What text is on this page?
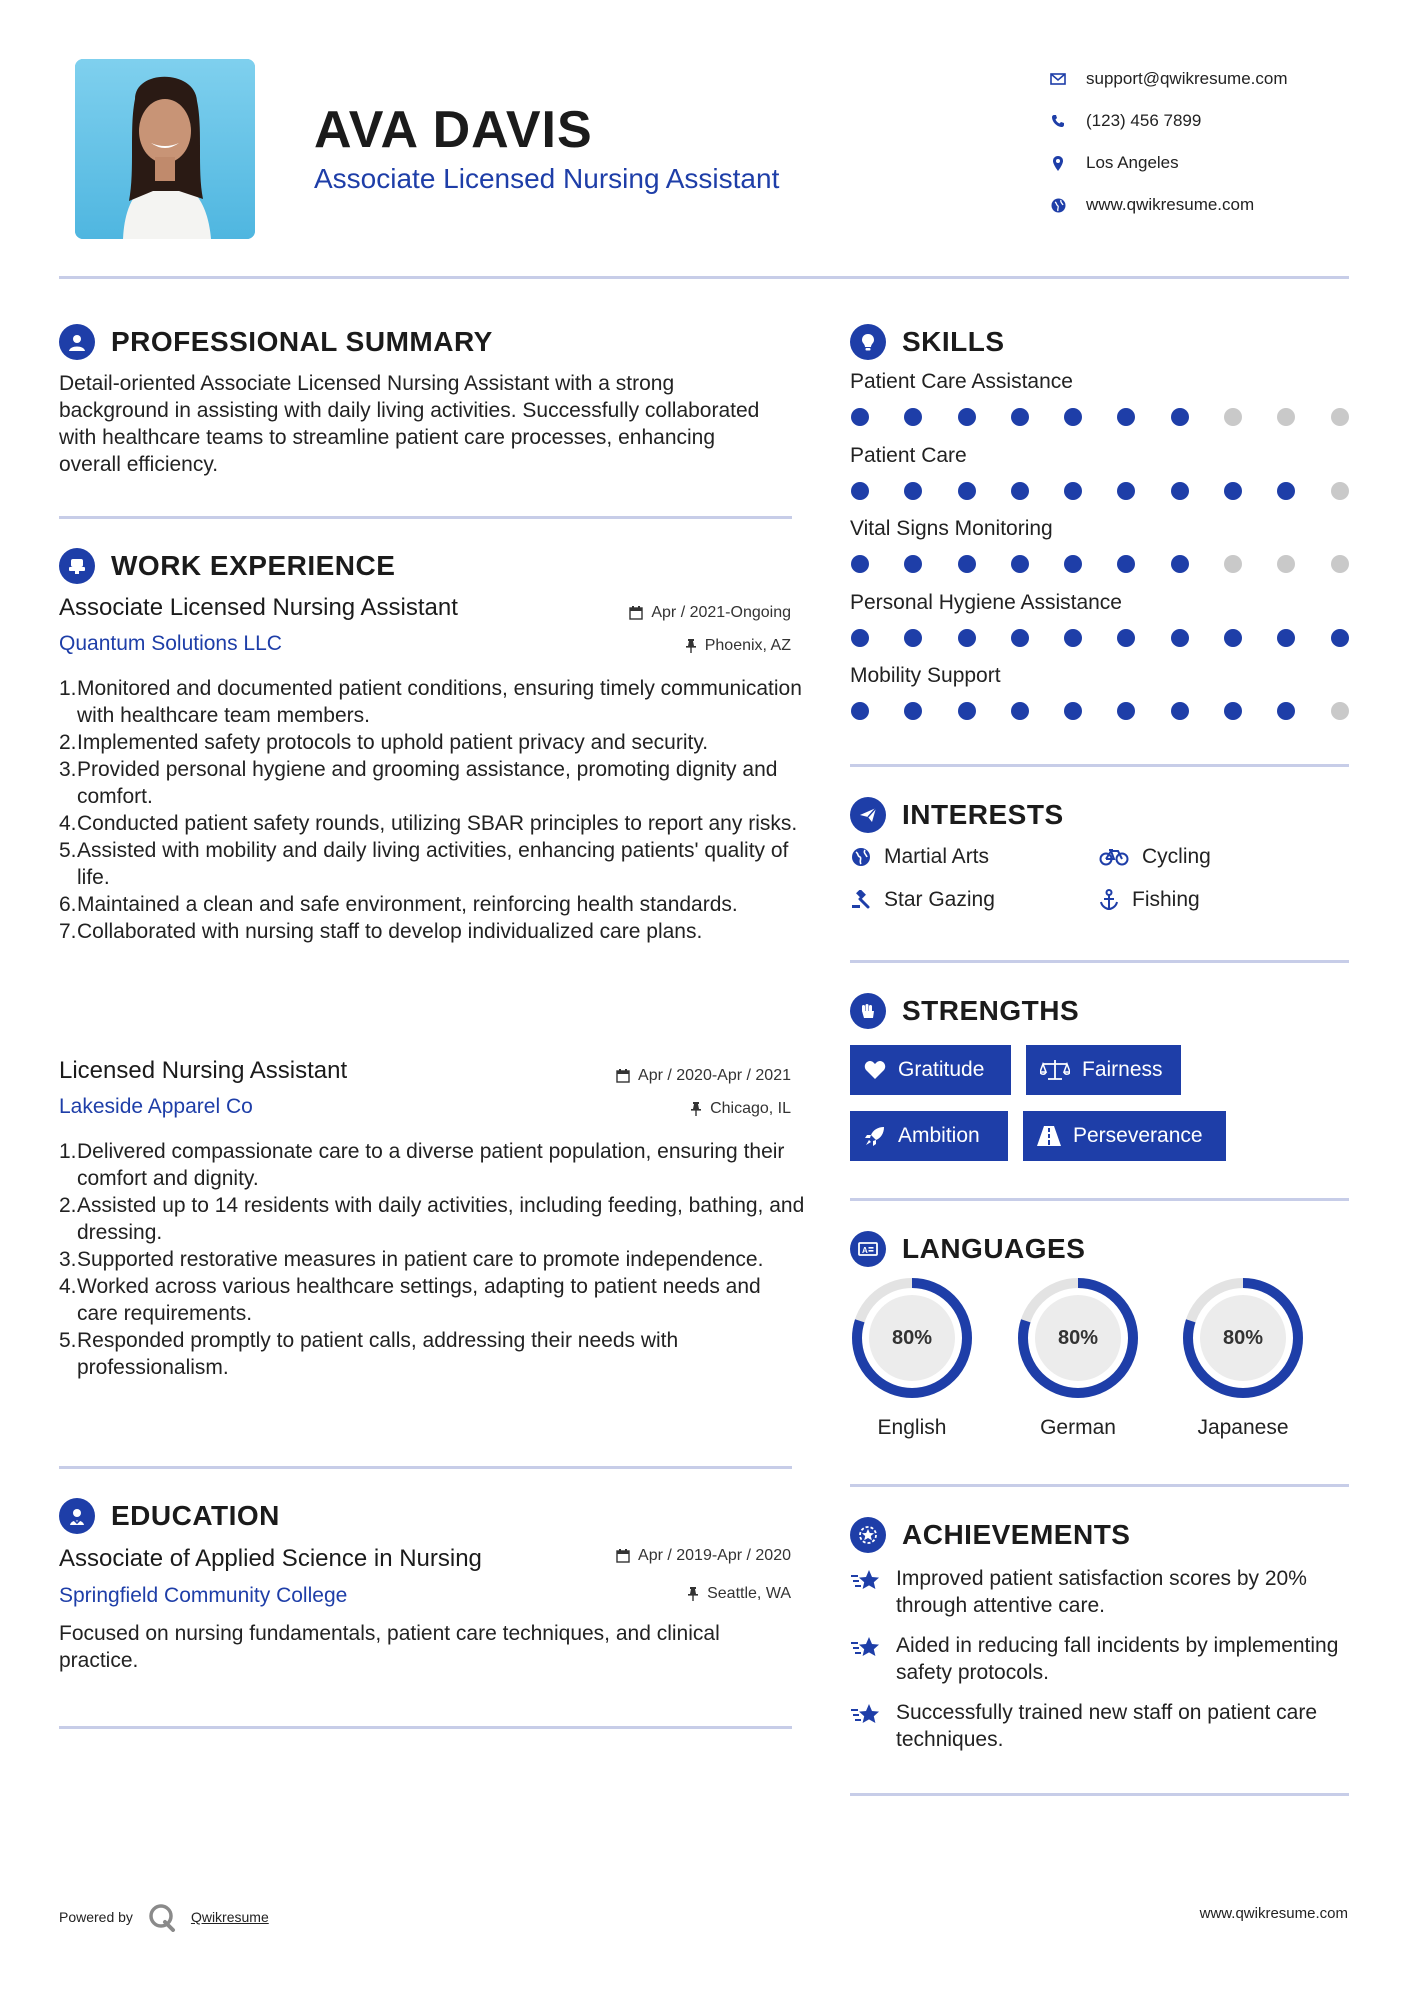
AVA DAVIS
Associate Licensed Nursing Assistant
support@qwikresume.com
(123) 456 7899
Los Angeles
www.qwikresume.com
PROFESSIONAL SUMMARY
Detail-oriented Associate Licensed Nursing Assistant with a strong background in assisting with daily living activities. Successfully collaborated with healthcare teams to streamline patient care processes, enhancing overall efficiency.
WORK EXPERIENCE
Associate Licensed Nursing Assistant	Apr / 2021-Ongoing
Quantum Solutions LLC	Phoenix, AZ
1. Monitored and documented patient conditions, ensuring timely communication with healthcare team members.
2. Implemented safety protocols to uphold patient privacy and security.
3. Provided personal hygiene and grooming assistance, promoting dignity and comfort.
4. Conducted patient safety rounds, utilizing SBAR principles to report any risks.
5. Assisted with mobility and daily living activities, enhancing patients' quality of life.
6. Maintained a clean and safe environment, reinforcing health standards.
7. Collaborated with nursing staff to develop individualized care plans.
Licensed Nursing Assistant	Apr / 2020-Apr / 2021
Lakeside Apparel Co	Chicago, IL
1. Delivered compassionate care to a diverse patient population, ensuring their comfort and dignity.
2. Assisted up to 14 residents with daily activities, including feeding, bathing, and dressing.
3. Supported restorative measures in patient care to promote independence.
4. Worked across various healthcare settings, adapting to patient needs and care requirements.
5. Responded promptly to patient calls, addressing their needs with professionalism.
EDUCATION
Associate of Applied Science in Nursing	Apr / 2019-Apr / 2020
Springfield Community College	Seattle, WA
Focused on nursing fundamentals, patient care techniques, and clinical practice.
SKILLS
Patient Care Assistance
Patient Care
Vital Signs Monitoring
Personal Hygiene Assistance
Mobility Support
INTERESTS
Martial Arts	Cycling
Star Gazing	Fishing
STRENGTHS
Gratitude	Fairness
Ambition	Perseverance
A LANGUAGES
80%
English
80%
German
80%
Japanese
ACHIEVEMENTS
Improved patient satisfaction scores by 20% through attentive care.
Aided in reducing fall incidents by implementing safety protocols.
Successfully trained new staff on patient care techniques.
Powered by	Qwikresume	www.qwikresume.com
